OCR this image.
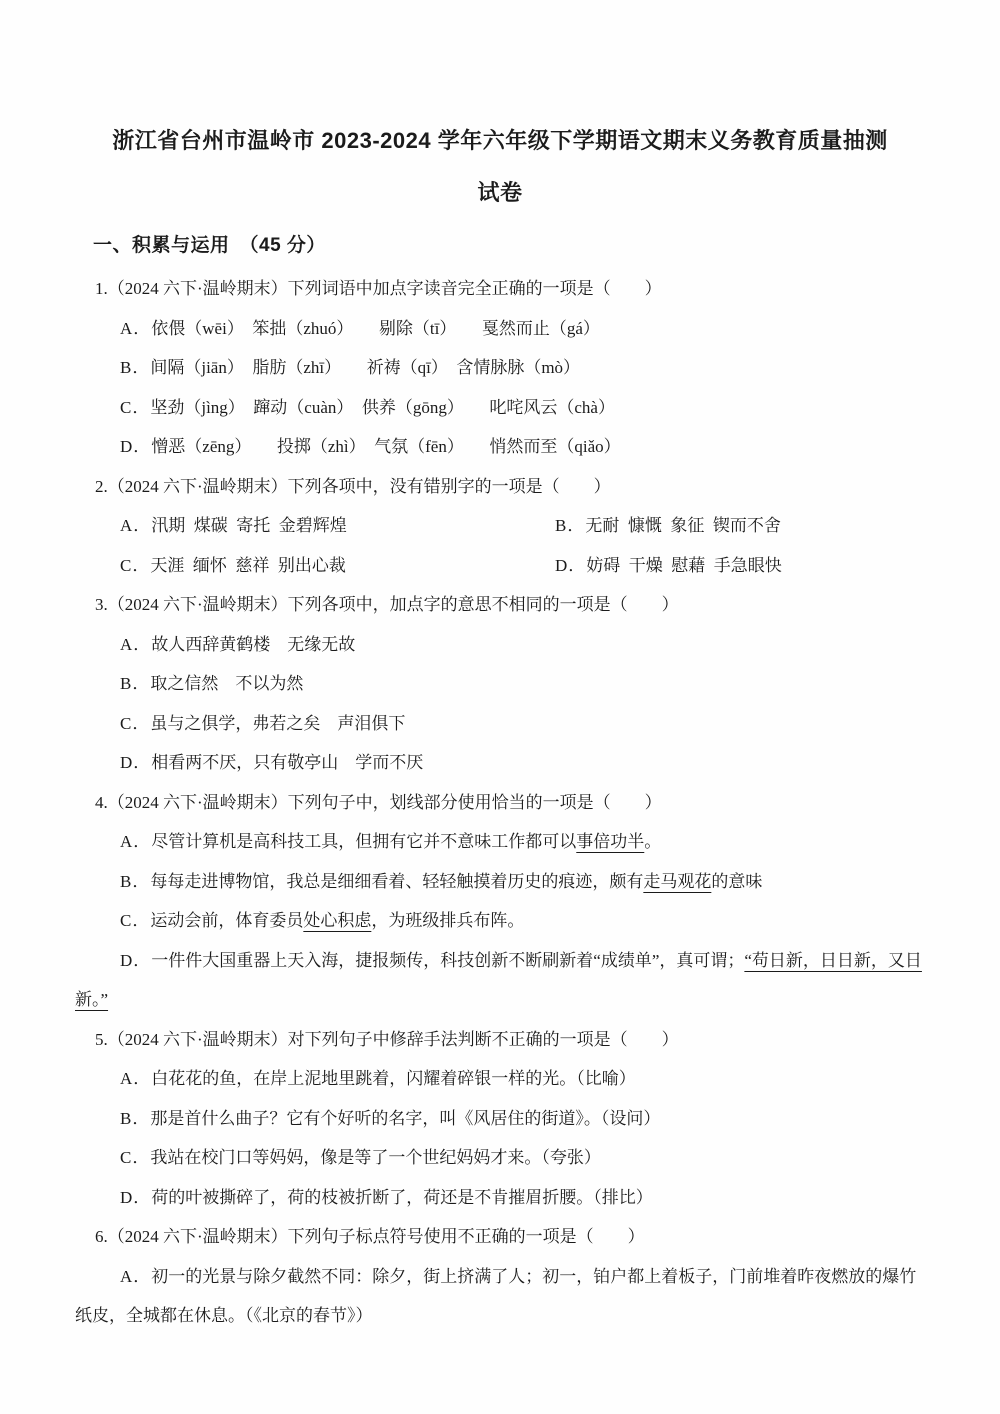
浙江省台州市温岭市 2023-2024 学年六年级下学期语文期末义务教育质量抽测
试卷
一、积累与运用　（45 分）

1.（2024 六下·温岭期末）下列词语中加点字读音完全正确的一项是（　　）

A．依偎（wēi）　笨拙（zhuó）　　剔除（tī）　　戛然而止（gá）

B．间隔（jiān）　脂肪（zhī）　　祈祷（qī）　含情脉脉（mò）

C．坚劲（jìng）　蹿动（cuàn）　供养（gōng）　　叱咤风云（chà）

D．憎恶（zēng）　　投掷（zhì）　气氛（fēn）　　悄然而至（qiǎo）

2.（2024 六下·温岭期末）下列各项中，没有错别字的一项是（　　）

A．汛期 煤碳 寄托 金碧辉煌	B．无耐 慷慨 象征 锲而不舍

C．天涯 缅怀 慈祥 别出心裁	D．妨碍 干燥 慰藉 手急眼快

3.（2024 六下·温岭期末）下列各项中，加点字的意思不相同的一项是（　　）

A．故人西辞黄鹤楼　无缘无故

B．取之信然　不以为然

C．虽与之俱学，弗若之矣　声泪俱下

D．相看两不厌，只有敬亭山　学而不厌

4.（2024 六下·温岭期末）下列句子中，划线部分使用恰当的一项是（　　）

A．尽管计算机是高科技工具，但拥有它并不意味工作都可以事倍功半。

B．每每走进博物馆，我总是细细看着、轻轻触摸着历史的痕迹，颇有走马观花的意味

C．运动会前，体育委员处心积虑，为班级排兵布阵。

D．一件件大国重器上天入海，捷报频传，科技创新不断刷新着“成绩单”，真可谓；“苟日新，日日新，又日新。”

5.（2024 六下·温岭期末）对下列句子中修辞手法判断不正确的一项是（　　）

A．白花花的鱼，在岸上泥地里跳着，闪耀着碎银一样的光。（比喻）

B．那是首什么曲子？它有个好听的名字，叫《风居住的街道》。（设问）

C．我站在校门口等妈妈，像是等了一个世纪妈妈才来。（夸张）

D．荷的叶被撕碎了，荷的枝被折断了，荷还是不肯摧眉折腰。（排比）

6.（2024 六下·温岭期末）下列句子标点符号使用不正确的一项是（　　）

A．初一的光景与除夕截然不同：除夕，街上挤满了人；初一，铂户都上着板子，门前堆着昨夜燃放的爆竹纸皮，全城都在休息。（《北京的春节》）
